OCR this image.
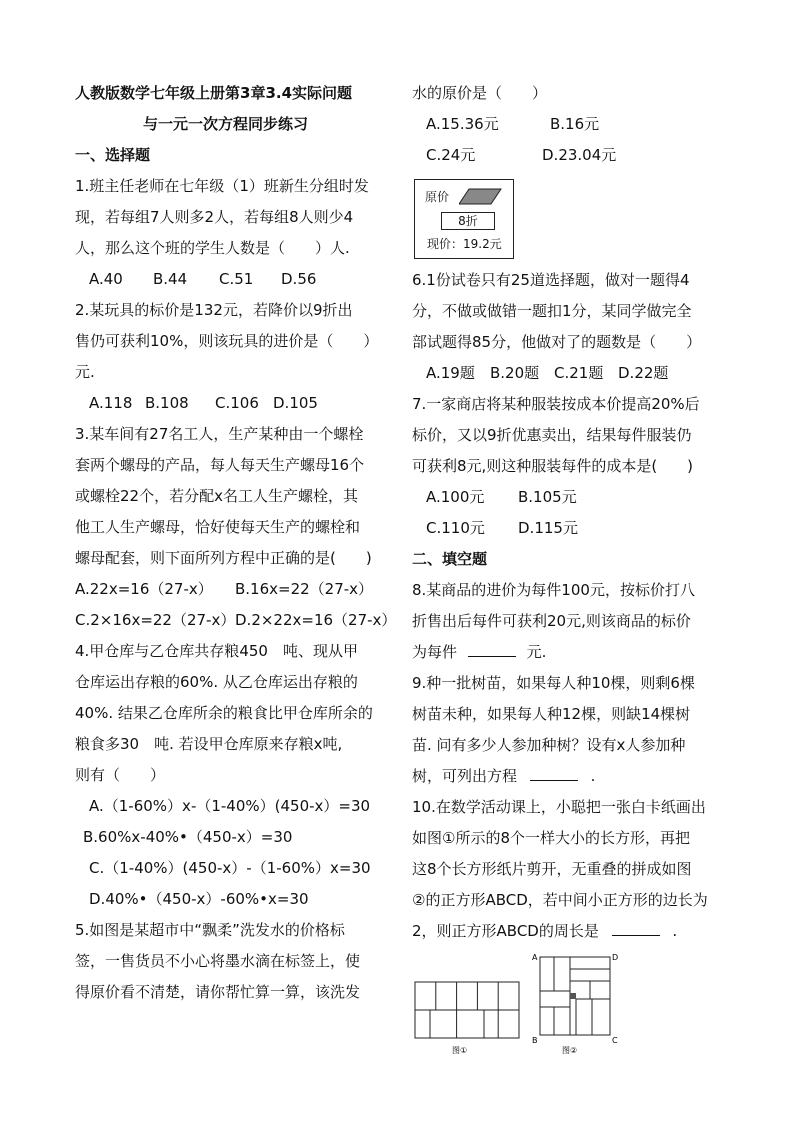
人教版数学七年级上册第3章3.4实际问题
与一元一次方程同步练习
一、选择题
1.班主任老师在七年级（1）班新生分组时发
现，若每组7人则多2人，若每组8人则少4
人，那么这个班的学生人数是（　　）人.
A.40 B.44 C.51 D.56
2.某玩具的标价是132元，若降价以9折出
售仍可获利10%，则该玩具的进价是（　　）
元.
A.118 B.108 C.106 D.105
3.某车间有27名工人，生产某种由一个螺栓
套两个螺母的产品，每人每天生产螺母16个
或螺栓22个，若分配x名工人生产螺栓，其
他工人生产螺母，恰好使每天生产的螺栓和
螺母配套，则下面所列方程中正确的是(　　)
A.22x=16（27-x） B.16x=22（27-x）
C.2×16x=22（27-x）D.2×22x=16（27-x）
4.甲仓库与乙仓库共存粮450　吨、现从甲
仓库运出存粮的60%. 从乙仓库运出存粮的
40%. 结果乙仓库所余的粮食比甲仓库所余的
粮食多30　吨. 若设甲仓库原来存粮x吨,
则有（　　）
A.（1-60%）x-（1-40%）(450-x）=30
B.60%x-40%•（450-x）=30
C.（1-40%）(450-x）-（1-60%）x=30
D.40%•（450-x）-60%•x=30
5.如图是某超市中“飘柔”洗发水的价格标
签，一售货员不小心将墨水滴在标签上，使
得原价看不清楚，请你帮忙算一算，该洗发
水的原价是（　　）
A.15.36元	B.16元
C.24元	D.23.04元
原价
8折
现价：19.2元
6.1份试卷只有25道选择题，做对一题得4
分，不做或做错一题扣1分，某同学做完全
部试题得85分，他做对了的题数是（　　）
A.19题 B.20题 C.21题 D.22题
7.一家商店将某种服装按成本价提高20%后
标价，又以9折优惠卖出，结果每件服装仍
可获利8元,则这种服装每件的成本是(　　)
A.100元 B.105元
C.110元 D.115元
二、填空题
8.某商品的进价为每件100元，按标价打八
折售出后每件可获利20元,则该商品的标价
为每件	元.
9.种一批树苗，如果每人种10棵，则剩6棵
树苗未种，如果每人种12棵，则缺14棵树
苗. 问有多少人参加种树？设有x人参加种
树，可列出方程	.
10.在数学活动课上，小聪把一张白卡纸画出
如图①所示的8个一样大小的长方形，再把
这8个长方形纸片剪开，无重叠的拼成如图
②的正方形ABCD，若中间小正方形的边长为
2，则正方形ABCD的周长是	.
图①
A	D
B	C
图②
